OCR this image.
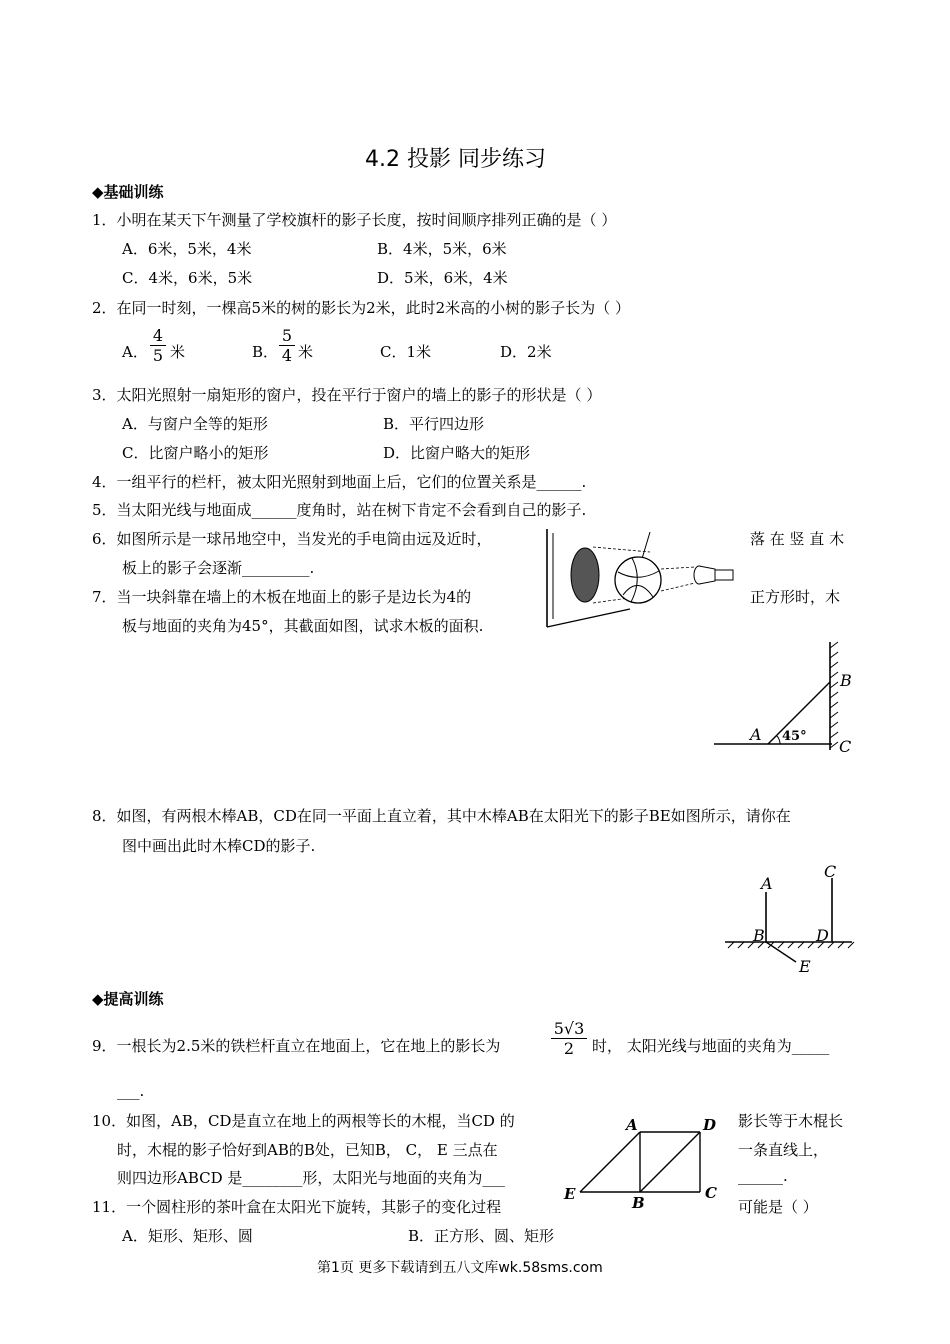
4.2 投影 同步练习
◆基础训练
1．小明在某天下午测量了学校旗杆的影子长度，按时间顺序排列正确的是（ ）
A．6米，5米，4米	B．4米，5米，6米
C．4米，6米，5米	D．5米，6米，4米
2．在同一时刻，一棵高5米的树的影长为2米，此时2米高的小树的影子长为（ ）
A． $\frac{4}{5}$ 米	B． $\frac{5}{4}$ 米	C．1米	D．2米
3．太阳光照射一扇矩形的窗户，投在平行于窗户的墙上的影子的形状是（ ）
A．与窗户全等的矩形	B．平行四边形
C．比窗户略小的矩形	D．比窗户略大的矩形
4．一组平行的栏杆，被太阳光照射到地面上后，它们的位置关系是______.
5．当太阳光线与地面成______度角时，站在树下肯定不会看到自己的影子.
6．如图所示是一球吊地空中，当发光的手电筒由远及近时，	落 在 竖 直 木
板上的影子会逐渐_________.
7．当一块斜靠在墙上的木板在地面上的影子是边长为4的	正方形时，木
板与地面的夹角为45°，其截面如图，试求木板的面积.
A
B
C
45°
8．如图，有两根木棒AB，CD在同一平面上直立着，其中木棒AB在太阳光下的影子BE如图所示，请你在
图中画出此时木棒CD的影子.
A
C
B	D
E
◆提高训练
9．一根长为2.5米的铁栏杆直立在地面上，它在地上的影长为	$\frac{5√3}{2}$ 时， 太阳光线与地面的夹角为_____
___.
10．如图，AB，CD是直立在地上的两根等长的木棍，当CD 的	影长等于木棍长
时，木棍的影子恰好到AB的B处，已知B， C， E 三点在	一条直线上，
则四边形ABCD 是________形，太阳光与地面的夹角为___	______.
A	D
E	B
C
11．一个圆柱形的茶叶盒在太阳光下旋转，其影子的变化过程	可能是（ ）
A．矩形、矩形、圆	B．正方形、圆、矩形
第1页 更多下载请到五八文库wk.58sms.com
